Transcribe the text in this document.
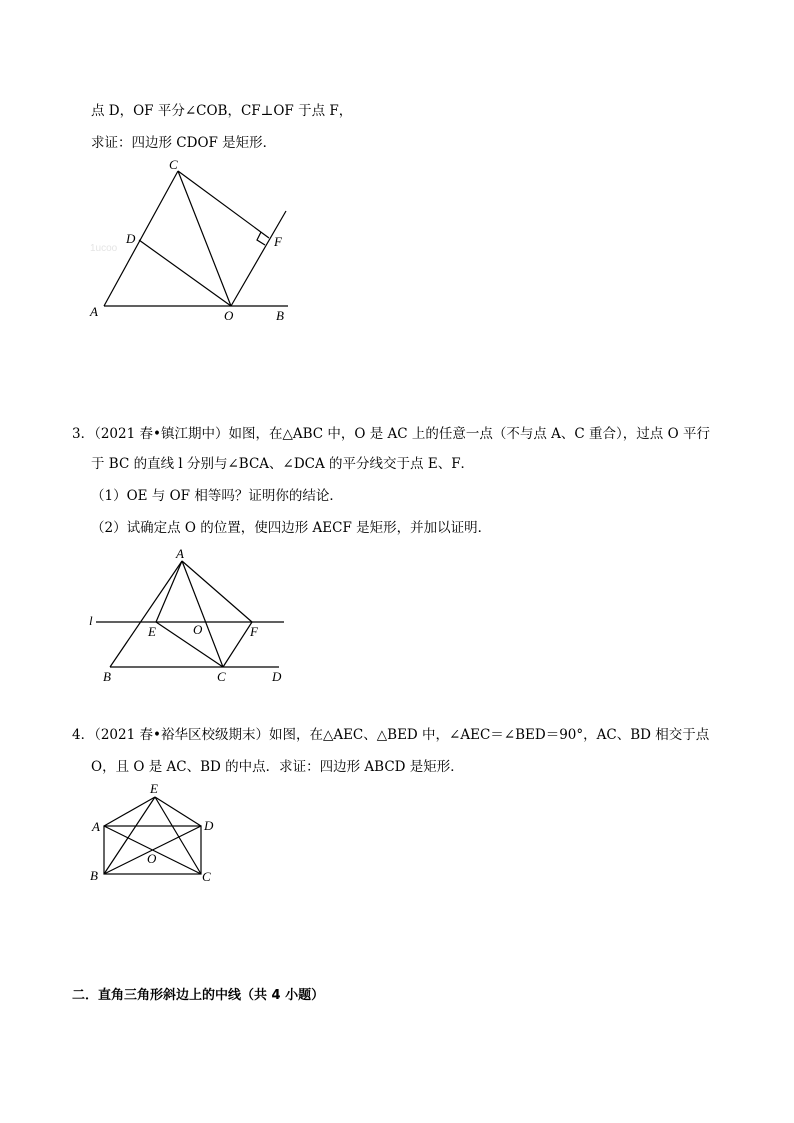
点 D，OF 平分∠COB，CF⊥OF 于点 F，
求证：四边形 CDOF 是矩形．
1ucoo
C
D	F
A	O	B
3．（2021 春•镇江期中）如图，在△ABC 中，O 是 AC 上的任意一点（不与点 A、C 重合），过点 O 平行
于 BC 的直线 l 分别与∠BCA、∠DCA 的平分线交于点 E、F．
（1）OE 与 OF 相等吗？证明你的结论．
（2）试确定点 O 的位置，使四边形 AECF 是矩形，并加以证明．
A
l
E	O	F
B	C	D
4．（2021 春•裕华区校级期末）如图，在△AEC、△BED 中，∠AEC＝∠BED＝90°，AC、BD 相交于点
O，且 O 是 AC、BD 的中点．求证：四边形 ABCD 是矩形．
E
A	D
O
B	C
二．直角三角形斜边上的中线（共 4 小题）
